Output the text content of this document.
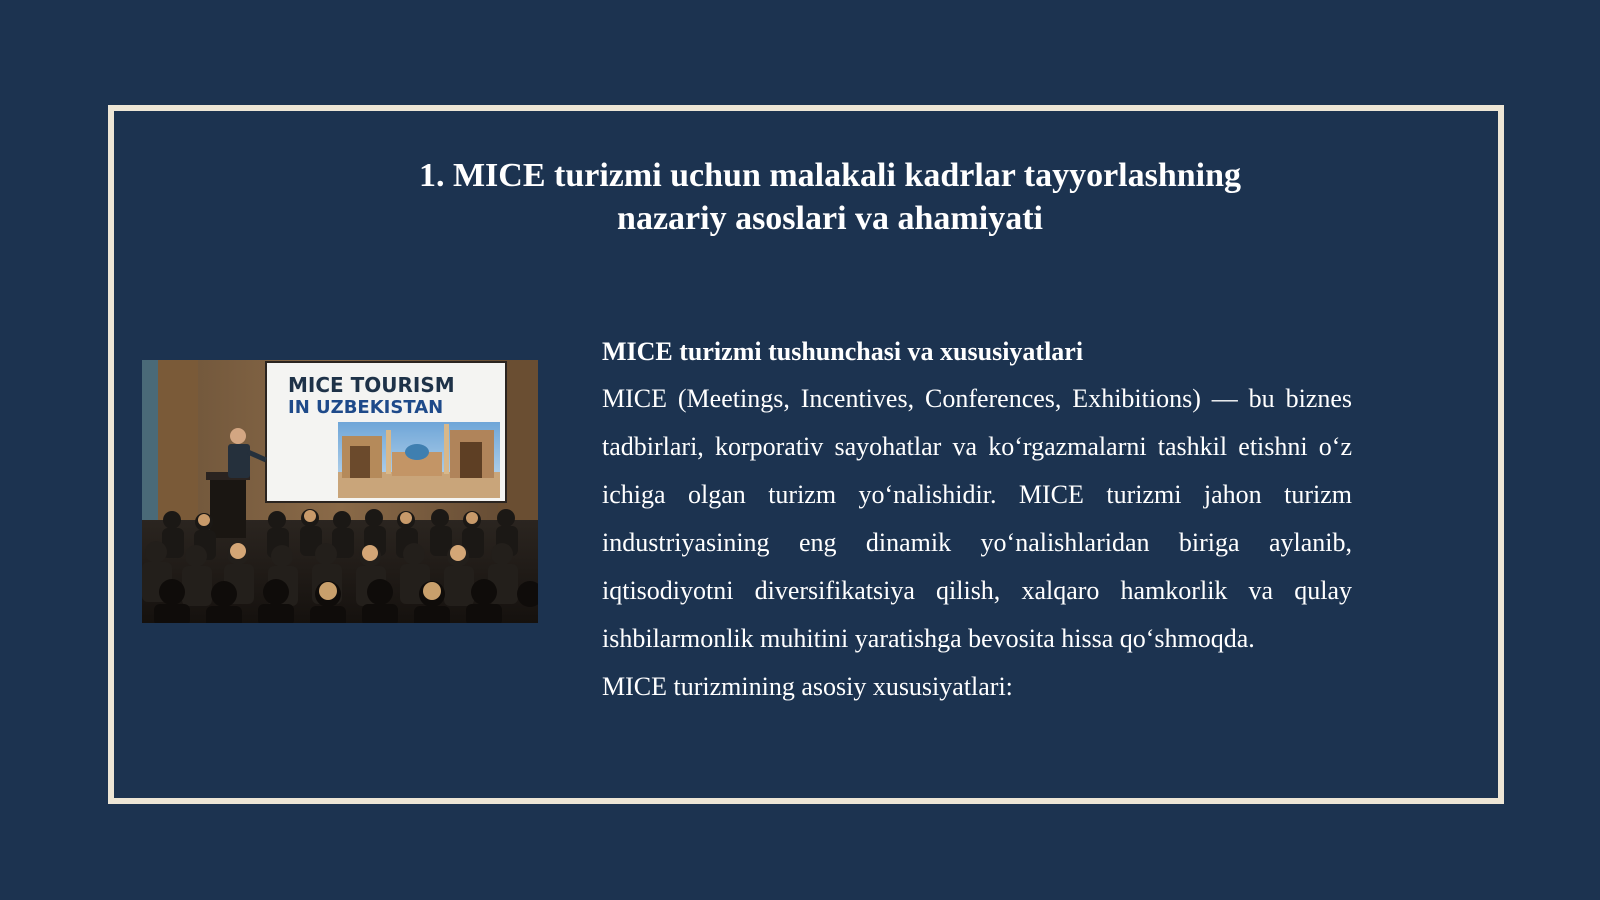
1. MICE turizmi uchun malakali kadrlar tayyorlashning
nazariy asoslari va ahamiyati
MICE TOURISM
IN UZBEKISTAN

MICE turizmi tushunchasi va xususiyatlari

MICE (Meetings, Incentives, Conferences, Exhibitions) — bu biznes tadbirlari, korporativ sayohatlar va ko‘rgazmalarni tashkil etishni o‘z ichiga olgan turizm yo‘nalishidir. MICE turizmi jahon turizm industriyasining eng dinamik yo‘nalishlaridan biriga aylanib, iqtisodiyotni diversifikatsiya qilish, xalqaro hamkorlik va qulay ishbilarmonlik muhitini yaratishga bevosita hissa qo‘shmoqda.

MICE turizmining asosiy xususiyatlari:
